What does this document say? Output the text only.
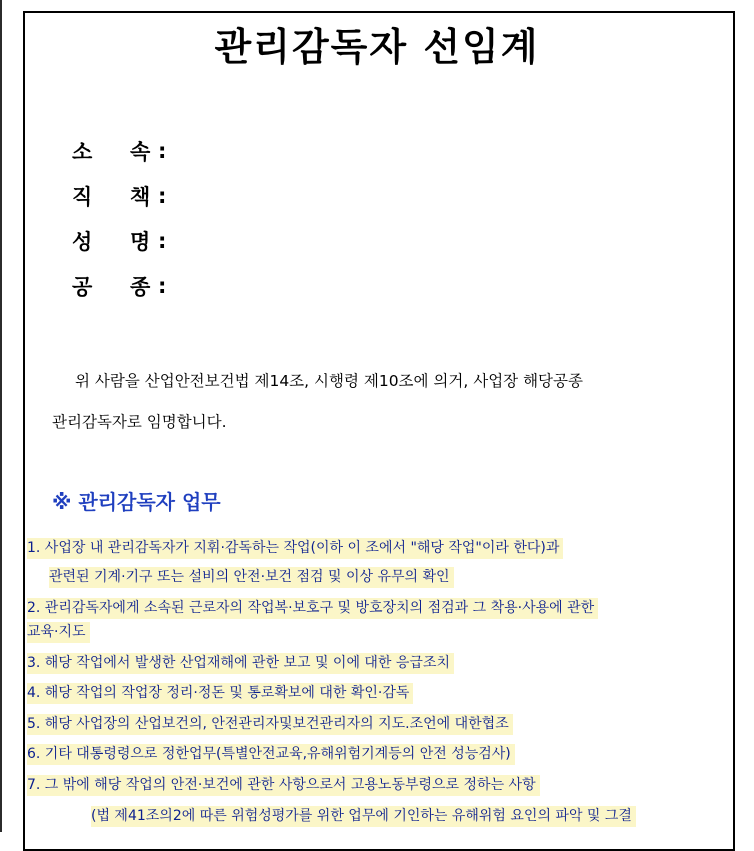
관리감독자 선임계
소 속 :
직 책 :
성 명 :
공 종 :
위 사람을 산업안전보건법 제14조, 시행령 제10조에 의거, 사업장 해당공종
관리감독자로 임명합니다.
※ 관리감독자 업무
1. 사업장 내 관리감독자가 지휘·감독하는 작업(이하 이 조에서 "해당 작업"이라 한다)과
관련된 기계·기구 또는 설비의 안전·보건 점검 및 이상 유무의 확인
2. 관리감독자에게 소속된 근로자의 작업복·보호구 및 방호장치의 점검과 그 착용·사용에 관한
교육·지도
3. 해당 작업에서 발생한 산업재해에 관한 보고 및 이에 대한 응급조치
4. 해당 작업의 작업장 정리·정돈 및 통로확보에 대한 확인·감독
5. 해당 사업장의 산업보건의, 안전관리자및보건관리자의 지도.조언에 대한협조
6. 기타 대통령령으로 정한업무(특별안전교육,유해위험기계등의 안전 성능검사)
7. 그 밖에 해당 작업의 안전·보건에 관한 사항으로서 고용노동부령으로 정하는 사항
(법 제41조의2에 따른 위험성평가를 위한 업무에 기인하는 유해위험 요인의 파악 및 그결
